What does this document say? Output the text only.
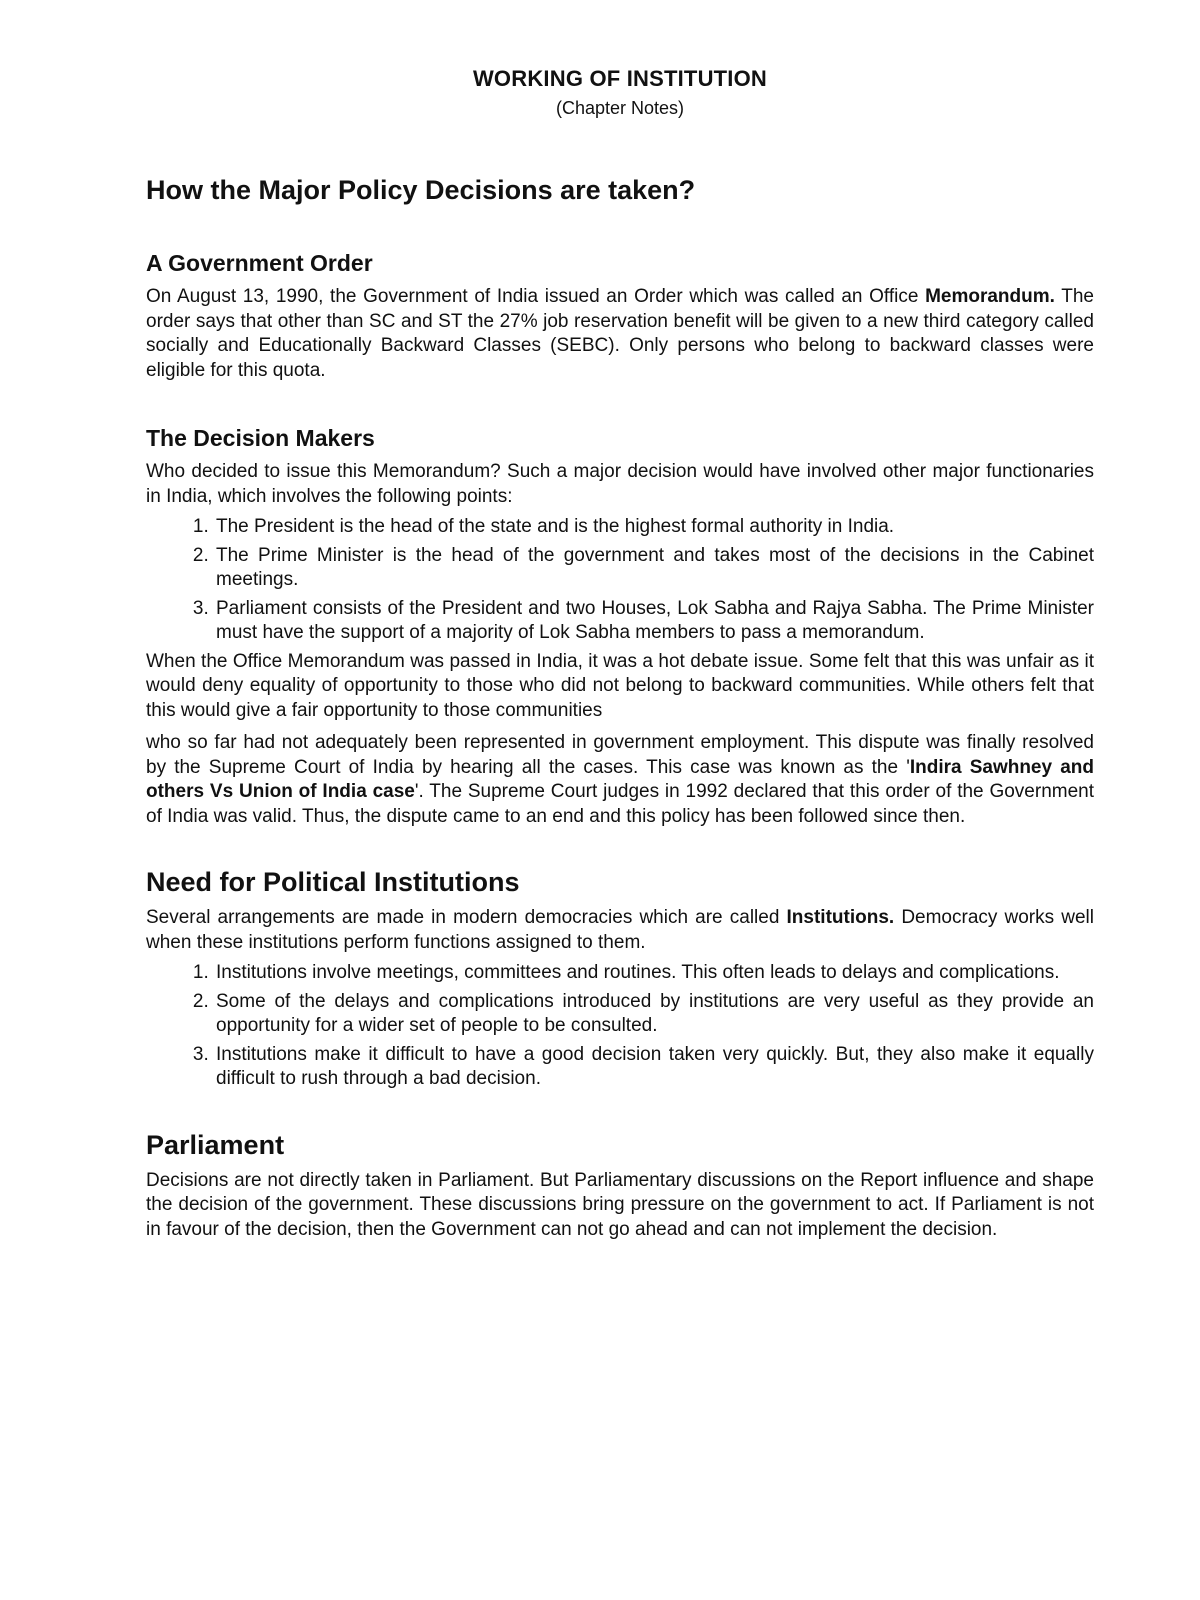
WORKING OF INSTITUTION
(Chapter Notes)
How the Major Policy Decisions are taken?
A Government Order

On August 13, 1990, the Government of India issued an Order which was called an Office Memorandum. The order says that other than SC and ST the 27% job reservation benefit will be given to a new third category called socially and Educationally Backward Classes (SEBC). Only persons who belong to backward classes were eligible for this quota.

The Decision Makers

Who decided to issue this Memorandum? Such a major decision would have involved other major functionaries in India, which involves the following points:

1. The President is the head of the state and is the highest formal authority in India.
2. The Prime Minister is the head of the government and takes most of the decisions in the Cabinet meetings.
3. Parliament consists of the President and two Houses, Lok Sabha and Rajya Sabha. The Prime Minister must have the support of a majority of Lok Sabha members to pass a memorandum.

When the Office Memorandum was passed in India, it was a hot debate issue. Some felt that this was unfair as it would deny equality of opportunity to those who did not belong to backward communities. While others felt that this would give a fair opportunity to those communities

who so far had not adequately been represented in government employment. This dispute was finally resolved by the Supreme Court of India by hearing all the cases. This case was known as the 'Indira Sawhney and others Vs Union of India case'. The Supreme Court judges in 1992 declared that this order of the Government of India was valid. Thus, the dispute came to an end and this policy has been followed since then.

Need for Political Institutions

Several arrangements are made in modern democracies which are called Institutions. Democracy works well when these institutions perform functions assigned to them.

1. Institutions involve meetings, committees and routines. This often leads to delays and complications.
2. Some of the delays and complications introduced by institutions are very useful as they provide an opportunity for a wider set of people to be consulted.
3. Institutions make it difficult to have a good decision taken very quickly. But, they also make it equally difficult to rush through a bad decision.
Parliament

Decisions are not directly taken in Parliament. But Parliamentary discussions on the Report influence and shape the decision of the government. These discussions bring pressure on the government to act. If Parliament is not in favour of the decision, then the Government can not go ahead and can not implement the decision.
